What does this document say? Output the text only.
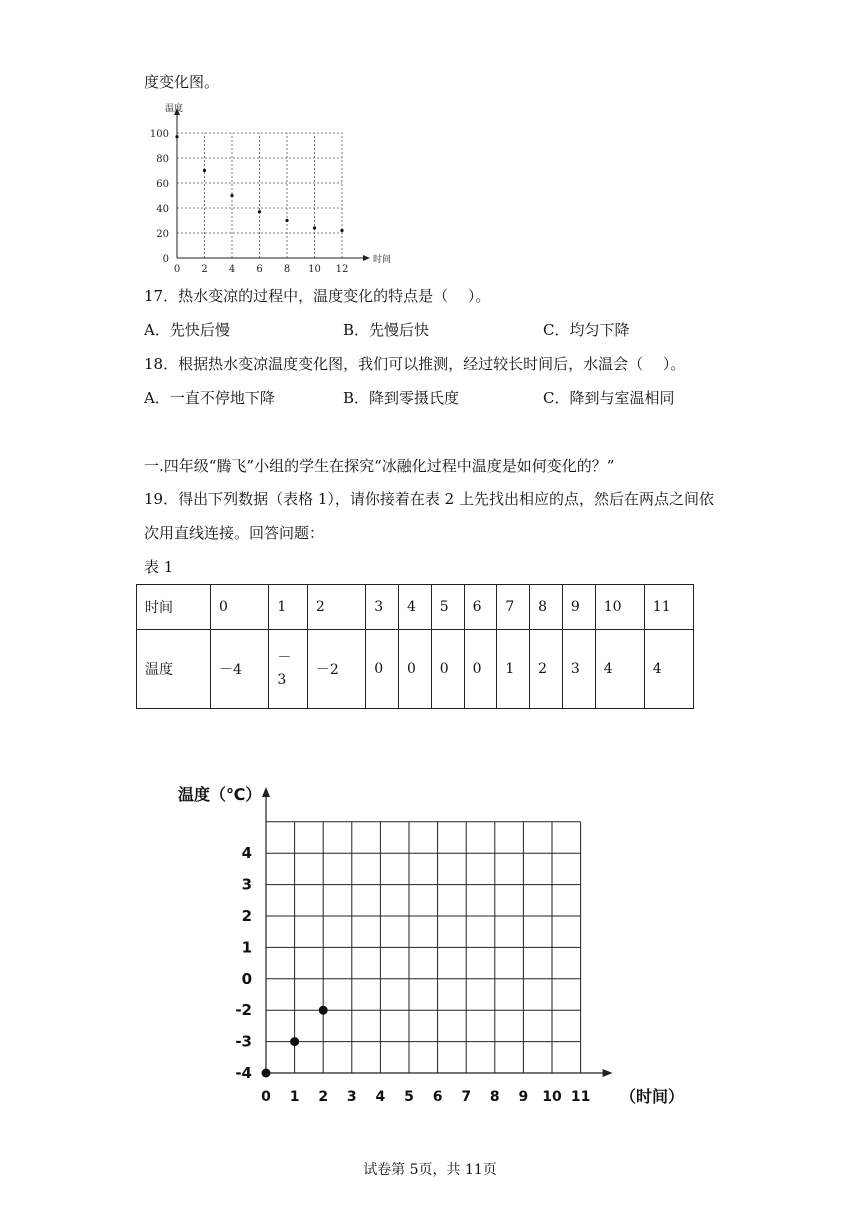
度变化图。
温度
时间
0
20
40
60
80
100
0 2 4 6 8 10 12
17．热水变凉的过程中，温度变化的特点是（　 ）。
A．先快后慢	B．先慢后快	C．均匀下降
18．根据热水变凉温度变化图，我们可以推测，经过较长时间后，水温会（　 ）。
A．一直不停地下降	B．降到零摄氏度	C．降到与室温相同
一.四年级“腾飞”小组的学生在探究“冰融化过程中温度是如何变化的？”
19．得出下列数据（表格 1），请你接着在表 2 上先找出相应的点，然后在两点之间依
次用直线连接。回答问题：
表 1
时间	0	1	2	3	4	5	6	7	8	9	10	11
温度	－4	－ 3	－2	0	0	0	0	1	2	3	4	4
温度（℃）
（时间）
-4
-3
-2
0
1
2
3
4
0 1 2 3 4 5 6 7 8 9 10 11
试卷第 5页，共 11页
